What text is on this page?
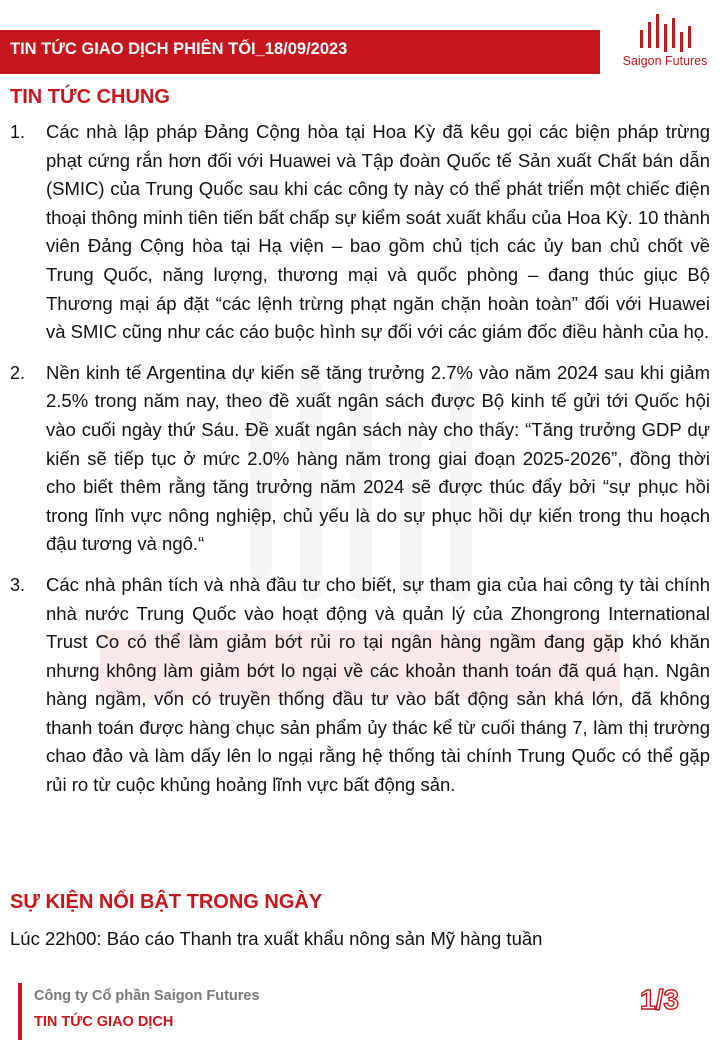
TIN TỨC GIAO DỊCH PHIÊN TỐI_18/09/2023
Saigon Futures
TIN TỨC CHUNG
1. Các nhà lập pháp Đảng Cộng hòa tại Hoa Kỳ đã kêu gọi các biện pháp trừng phạt cứng rắn hơn đối với Huawei và Tập đoàn Quốc tế Sản xuất Chất bán dẫn (SMIC) của Trung Quốc sau khi các công ty này có thể phát triển một chiếc điện thoại thông minh tiên tiến bất chấp sự kiểm soát xuất khẩu của Hoa Kỳ. 10 thành viên Đảng Cộng hòa tại Hạ viện – bao gồm chủ tịch các ủy ban chủ chốt về Trung Quốc, năng lượng, thương mại và quốc phòng – đang thúc giục Bộ Thương mại áp đặt “các lệnh trừng phạt ngăn chặn hoàn toàn” đối với Huawei và SMIC cũng như các cáo buộc hình sự đối với các giám đốc điều hành của họ.
2. Nền kinh tế Argentina dự kiến sẽ tăng trưởng 2.7% vào năm 2024 sau khi giảm 2.5% trong năm nay, theo đề xuất ngân sách được Bộ kinh tế gửi tới Quốc hội vào cuối ngày thứ Sáu. Đề xuất ngân sách này cho thấy: “Tăng trưởng GDP dự kiến sẽ tiếp tục ở mức 2.0% hàng năm trong giai đoạn 2025-2026”, đồng thời cho biết thêm rằng tăng trưởng năm 2024 sẽ được thúc đẩy bởi “sự phục hồi trong lĩnh vực nông nghiệp, chủ yếu là do sự phục hồi dự kiến trong thu hoạch đậu tương và ngô.“
3. Các nhà phân tích và nhà đầu tư cho biết, sự tham gia của hai công ty tài chính nhà nước Trung Quốc vào hoạt động và quản lý của Zhongrong International Trust Co có thể làm giảm bớt rủi ro tại ngân hàng ngầm đang gặp khó khăn nhưng không làm giảm bớt lo ngại về các khoản thanh toán đã quá hạn. Ngân hàng ngầm, vốn có truyền thống đầu tư vào bất động sản khá lớn, đã không thanh toán được hàng chục sản phẩm ủy thác kể từ cuối tháng 7, làm thị trường chao đảo và làm dấy lên lo ngại rằng hệ thống tài chính Trung Quốc có thể gặp rủi ro từ cuộc khủng hoảng lĩnh vực bất động sản.
SỰ KIỆN NỔI BẬT TRONG NGÀY
Lúc 22h00: Báo cáo Thanh tra xuất khẩu nông sản Mỹ hàng tuần
Công ty Cổ phần Saigon Futures
TIN TỨC GIAO DỊCH
1/3
